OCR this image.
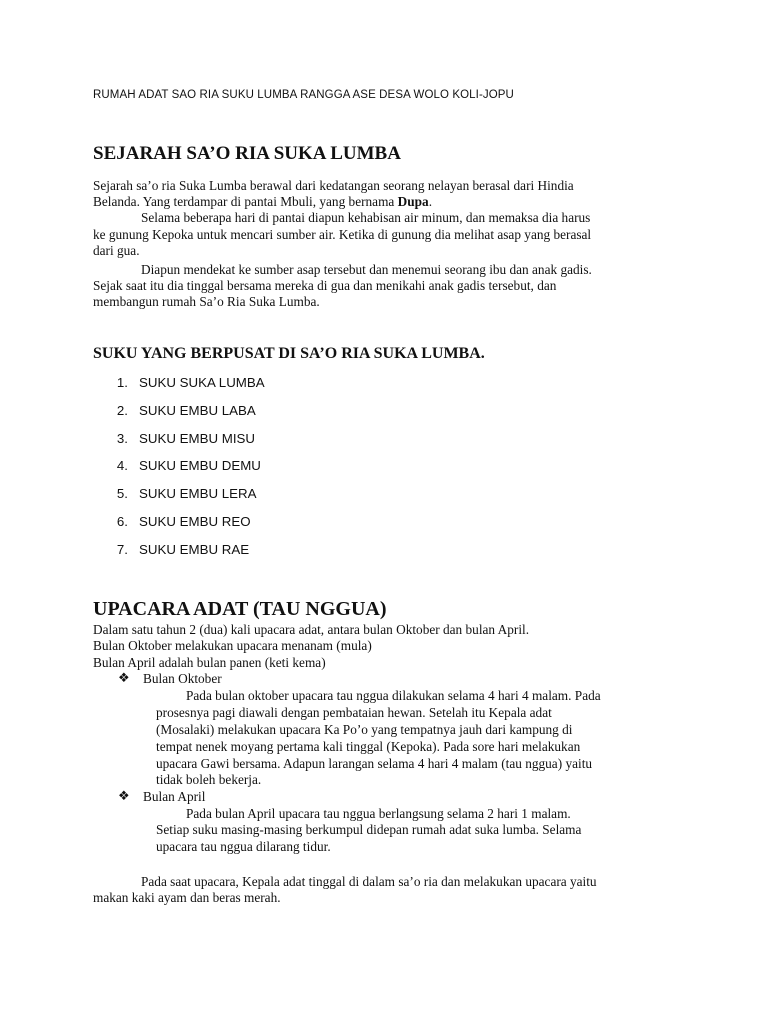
RUMAH ADAT SAO RIA SUKU LUMBA RANGGA ASE DESA WOLO KOLI-JOPU
SEJARAH SA’O RIA SUKA LUMBA
Sejarah sa’o ria Suka Lumba berawal dari kedatangan seorang nelayan berasal dari Hindia
Belanda. Yang terdampar di pantai Mbuli, yang bernama Dupa.
Selama beberapa hari di pantai diapun kehabisan air minum, dan memaksa dia harus
ke gunung Kepoka untuk mencari sumber air. Ketika di gunung dia melihat asap yang berasal
dari gua.
Diapun mendekat ke sumber asap tersebut dan menemui seorang ibu dan anak gadis.
Sejak saat itu dia tinggal bersama mereka di gua dan menikahi anak gadis tersebut, dan
membangun rumah Sa’o Ria Suka Lumba.
SUKU YANG BERPUSAT DI SA’O RIA SUKA LUMBA.
1. SUKU SUKA LUMBA
2. SUKU EMBU LABA
3. SUKU EMBU MISU
4. SUKU EMBU DEMU
5. SUKU EMBU LERA
6. SUKU EMBU REO
7. SUKU EMBU RAE
UPACARA ADAT (TAU NGGUA)
Dalam satu tahun 2 (dua) kali upacara adat, antara bulan Oktober dan bulan April.
Bulan Oktober melakukan upacara menanam (mula)
Bulan April adalah bulan panen (keti kema)
❖ Bulan Oktober
Pada bulan oktober upacara tau nggua dilakukan selama 4 hari 4 malam. Pada
prosesnya pagi diawali dengan pembataian hewan. Setelah itu Kepala adat
(Mosalaki) melakukan upacara Ka Po’o yang tempatnya jauh dari kampung di
tempat nenek moyang pertama kali tinggal (Kepoka). Pada sore hari melakukan
upacara Gawi bersama. Adapun larangan selama 4 hari 4 malam (tau nggua) yaitu
tidak boleh bekerja.
❖ Bulan April
Pada bulan April upacara tau nggua berlangsung selama 2 hari 1 malam.
Setiap suku masing-masing berkumpul didepan rumah adat suka lumba. Selama
upacara tau nggua dilarang tidur.
Pada saat upacara, Kepala adat tinggal di dalam sa’o ria dan melakukan upacara yaitu
makan kaki ayam dan beras merah.
